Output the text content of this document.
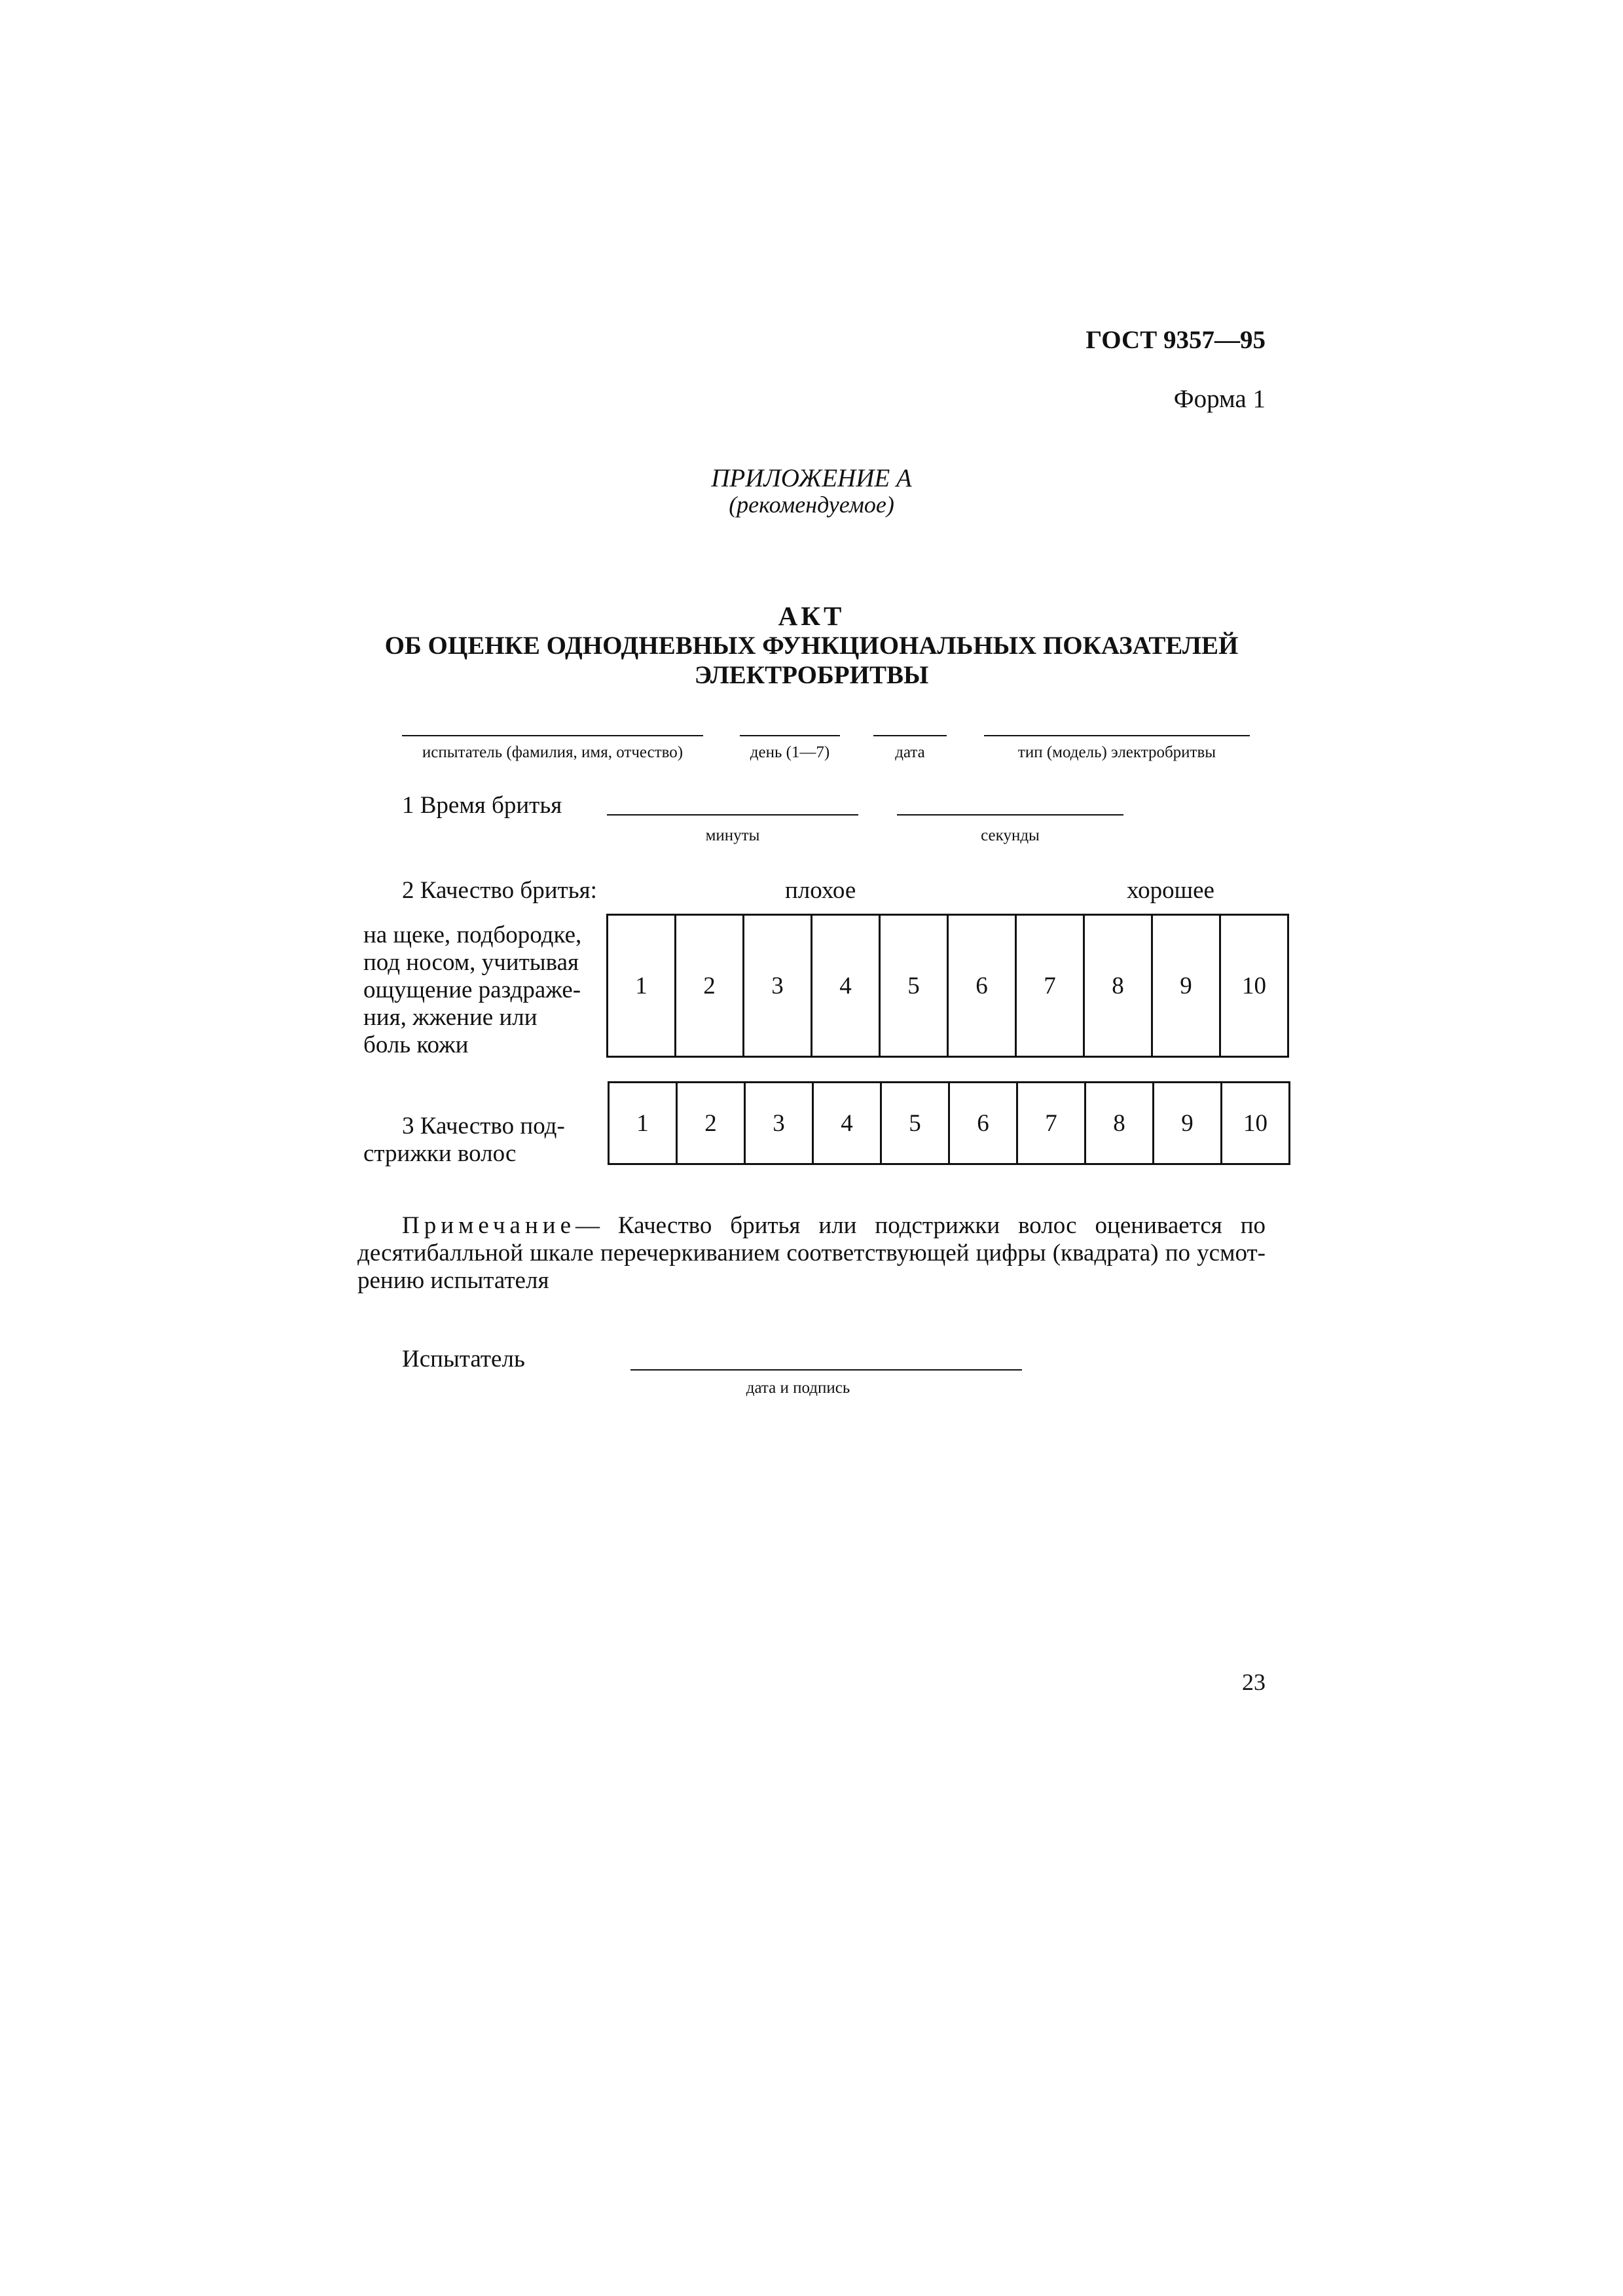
ГОСТ 9357—95
Форма 1
ПРИЛОЖЕНИЕ А
(рекомендуемое)
АКТ
ОБ ОЦЕНКЕ ОДНОДНЕВНЫХ ФУНКЦИОНАЛЬНЫХ ПОКАЗАТЕЛЕЙ
ЭЛЕКТРОБРИТВЫ
испытатель (фамилия, имя, отчество)	день (1—7)	дата	тип (модель) электробритвы
1 Время бритья
минуты	секунды
2 Качество бритья:	плохое	хорошее
на щеке, подбородке,
под носом, учитывая
ощущение раздраже-
ния, жжение или
боль кожи
1	2	3	4	5	6	7	8	9	10
3 Качество под-
стрижки волос
1	2	3	4	5	6	7	8	9	10
Примечание — Качество бритья или подстрижки волос оценивается по
десятибалльной шкале перечеркиванием соответствующей цифры (квадрата) по усмот-
рению испытателя
Испытатель
дата и подпись
23
